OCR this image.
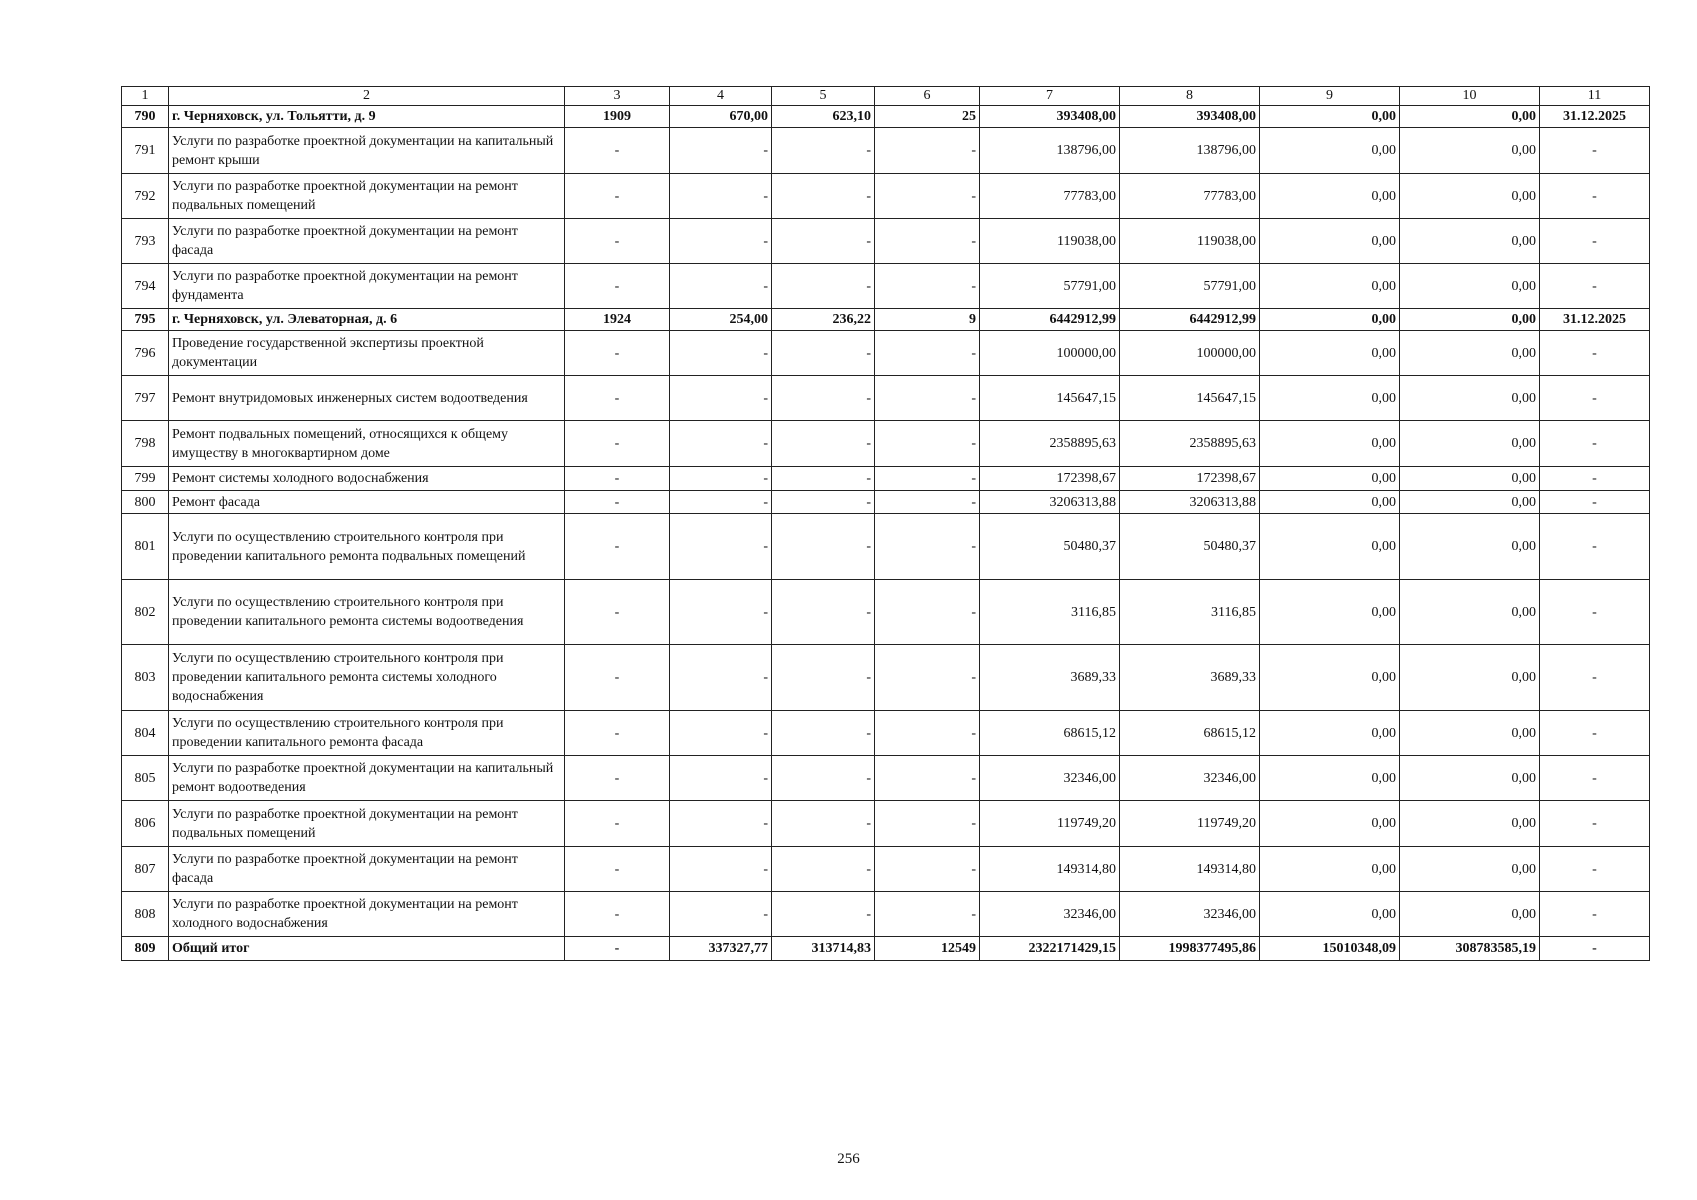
1	2	3	4	5	6	7	8	9	10	11
790	г. Черняховск, ул. Тольятти, д. 9	1909	670,00	623,10	25	393408,00	393408,00	0,00	0,00	31.12.2025
791	Услуги по разработке проектной документации на капитальный ремонт крыши	-	-	-	-	138796,00	138796,00	0,00	0,00	-
792	Услуги по разработке проектной документации на ремонт подвальных помещений	-	-	-	-	77783,00	77783,00	0,00	0,00	-
793	Услуги по разработке проектной документации на ремонт фасада	-	-	-	-	119038,00	119038,00	0,00	0,00	-
794	Услуги по разработке проектной документации на ремонт фундамента	-	-	-	-	57791,00	57791,00	0,00	0,00	-
795	г. Черняховск, ул. Элеваторная, д. 6	1924	254,00	236,22	9	6442912,99	6442912,99	0,00	0,00	31.12.2025
796	Проведение государственной экспертизы проектной документации	-	-	-	-	100000,00	100000,00	0,00	0,00	-
797	Ремонт внутридомовых инженерных систем водоотведения	-	-	-	-	145647,15	145647,15	0,00	0,00	-
798	Ремонт подвальных помещений, относящихся к общему имуществу в многоквартирном доме	-	-	-	-	2358895,63	2358895,63	0,00	0,00	-
799	Ремонт системы холодного водоснабжения	-	-	-	-	172398,67	172398,67	0,00	0,00	-
800	Ремонт фасада	-	-	-	-	3206313,88	3206313,88	0,00	0,00	-
801	Услуги по осуществлению строительного контроля при проведении капитального ремонта подвальных помещений	-	-	-	-	50480,37	50480,37	0,00	0,00	-
802	Услуги по осуществлению строительного контроля при проведении капитального ремонта системы водоотведения	-	-	-	-	3116,85	3116,85	0,00	0,00	-
803	Услуги по осуществлению строительного контроля при проведении капитального ремонта системы холодного водоснабжения	-	-	-	-	3689,33	3689,33	0,00	0,00	-
804	Услуги по осуществлению строительного контроля при проведении капитального ремонта фасада	-	-	-	-	68615,12	68615,12	0,00	0,00	-
805	Услуги по разработке проектной документации на капитальный ремонт водоотведения	-	-	-	-	32346,00	32346,00	0,00	0,00	-
806	Услуги по разработке проектной документации на ремонт подвальных помещений	-	-	-	-	119749,20	119749,20	0,00	0,00	-
807	Услуги по разработке проектной документации на ремонт фасада	-	-	-	-	149314,80	149314,80	0,00	0,00	-
808	Услуги по разработке проектной документации на ремонт холодного водоснабжения	-	-	-	-	32346,00	32346,00	0,00	0,00	-
809	Общий итог	-	337327,77	313714,83	12549	2322171429,15	1998377495,86	15010348,09	308783585,19	-
256
